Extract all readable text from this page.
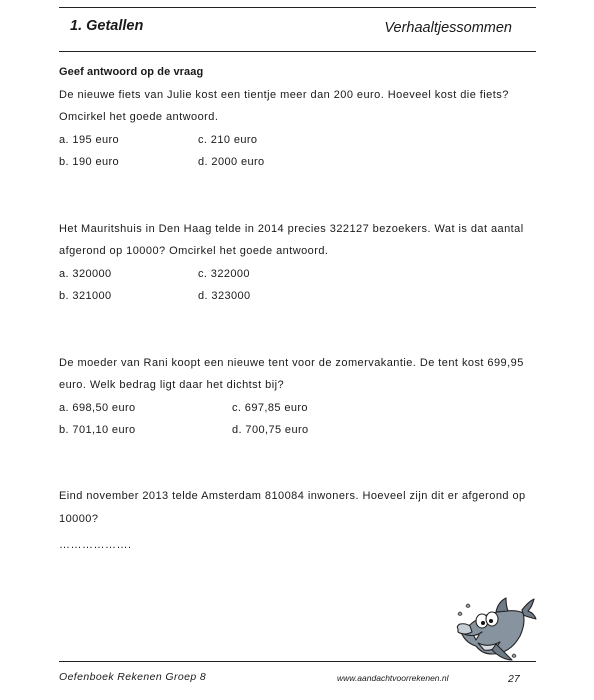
1. Getallen	Verhaaltjessommen
Geef antwoord op de vraag
De nieuwe fiets van Julie kost een tientje meer dan 200 euro. Hoeveel kost die fiets?
Omcirkel het goede antwoord.
a. 195 euro	c. 210 euro
b. 190 euro	d. 2000 euro
Het Mauritshuis in Den Haag telde in 2014 precies 322127 bezoekers. Wat is dat aantal
afgerond op 10000? Omcirkel het goede antwoord.
a. 320000	c. 322000
b. 321000	d. 323000
De moeder van Rani koopt een nieuwe tent voor de zomervakantie. De tent kost 699,95
euro. Welk bedrag ligt daar het dichtst bij?
a. 698,50 euro	c. 697,85 euro
b. 701,10 euro	d. 700,75 euro
Eind november 2013 telde Amsterdam 810084 inwoners. Hoeveel zijn dit er afgerond op
10000?
……………….
Oefenboek Rekenen Groep 8	www.aandachtvoorrekenen.nl	27
